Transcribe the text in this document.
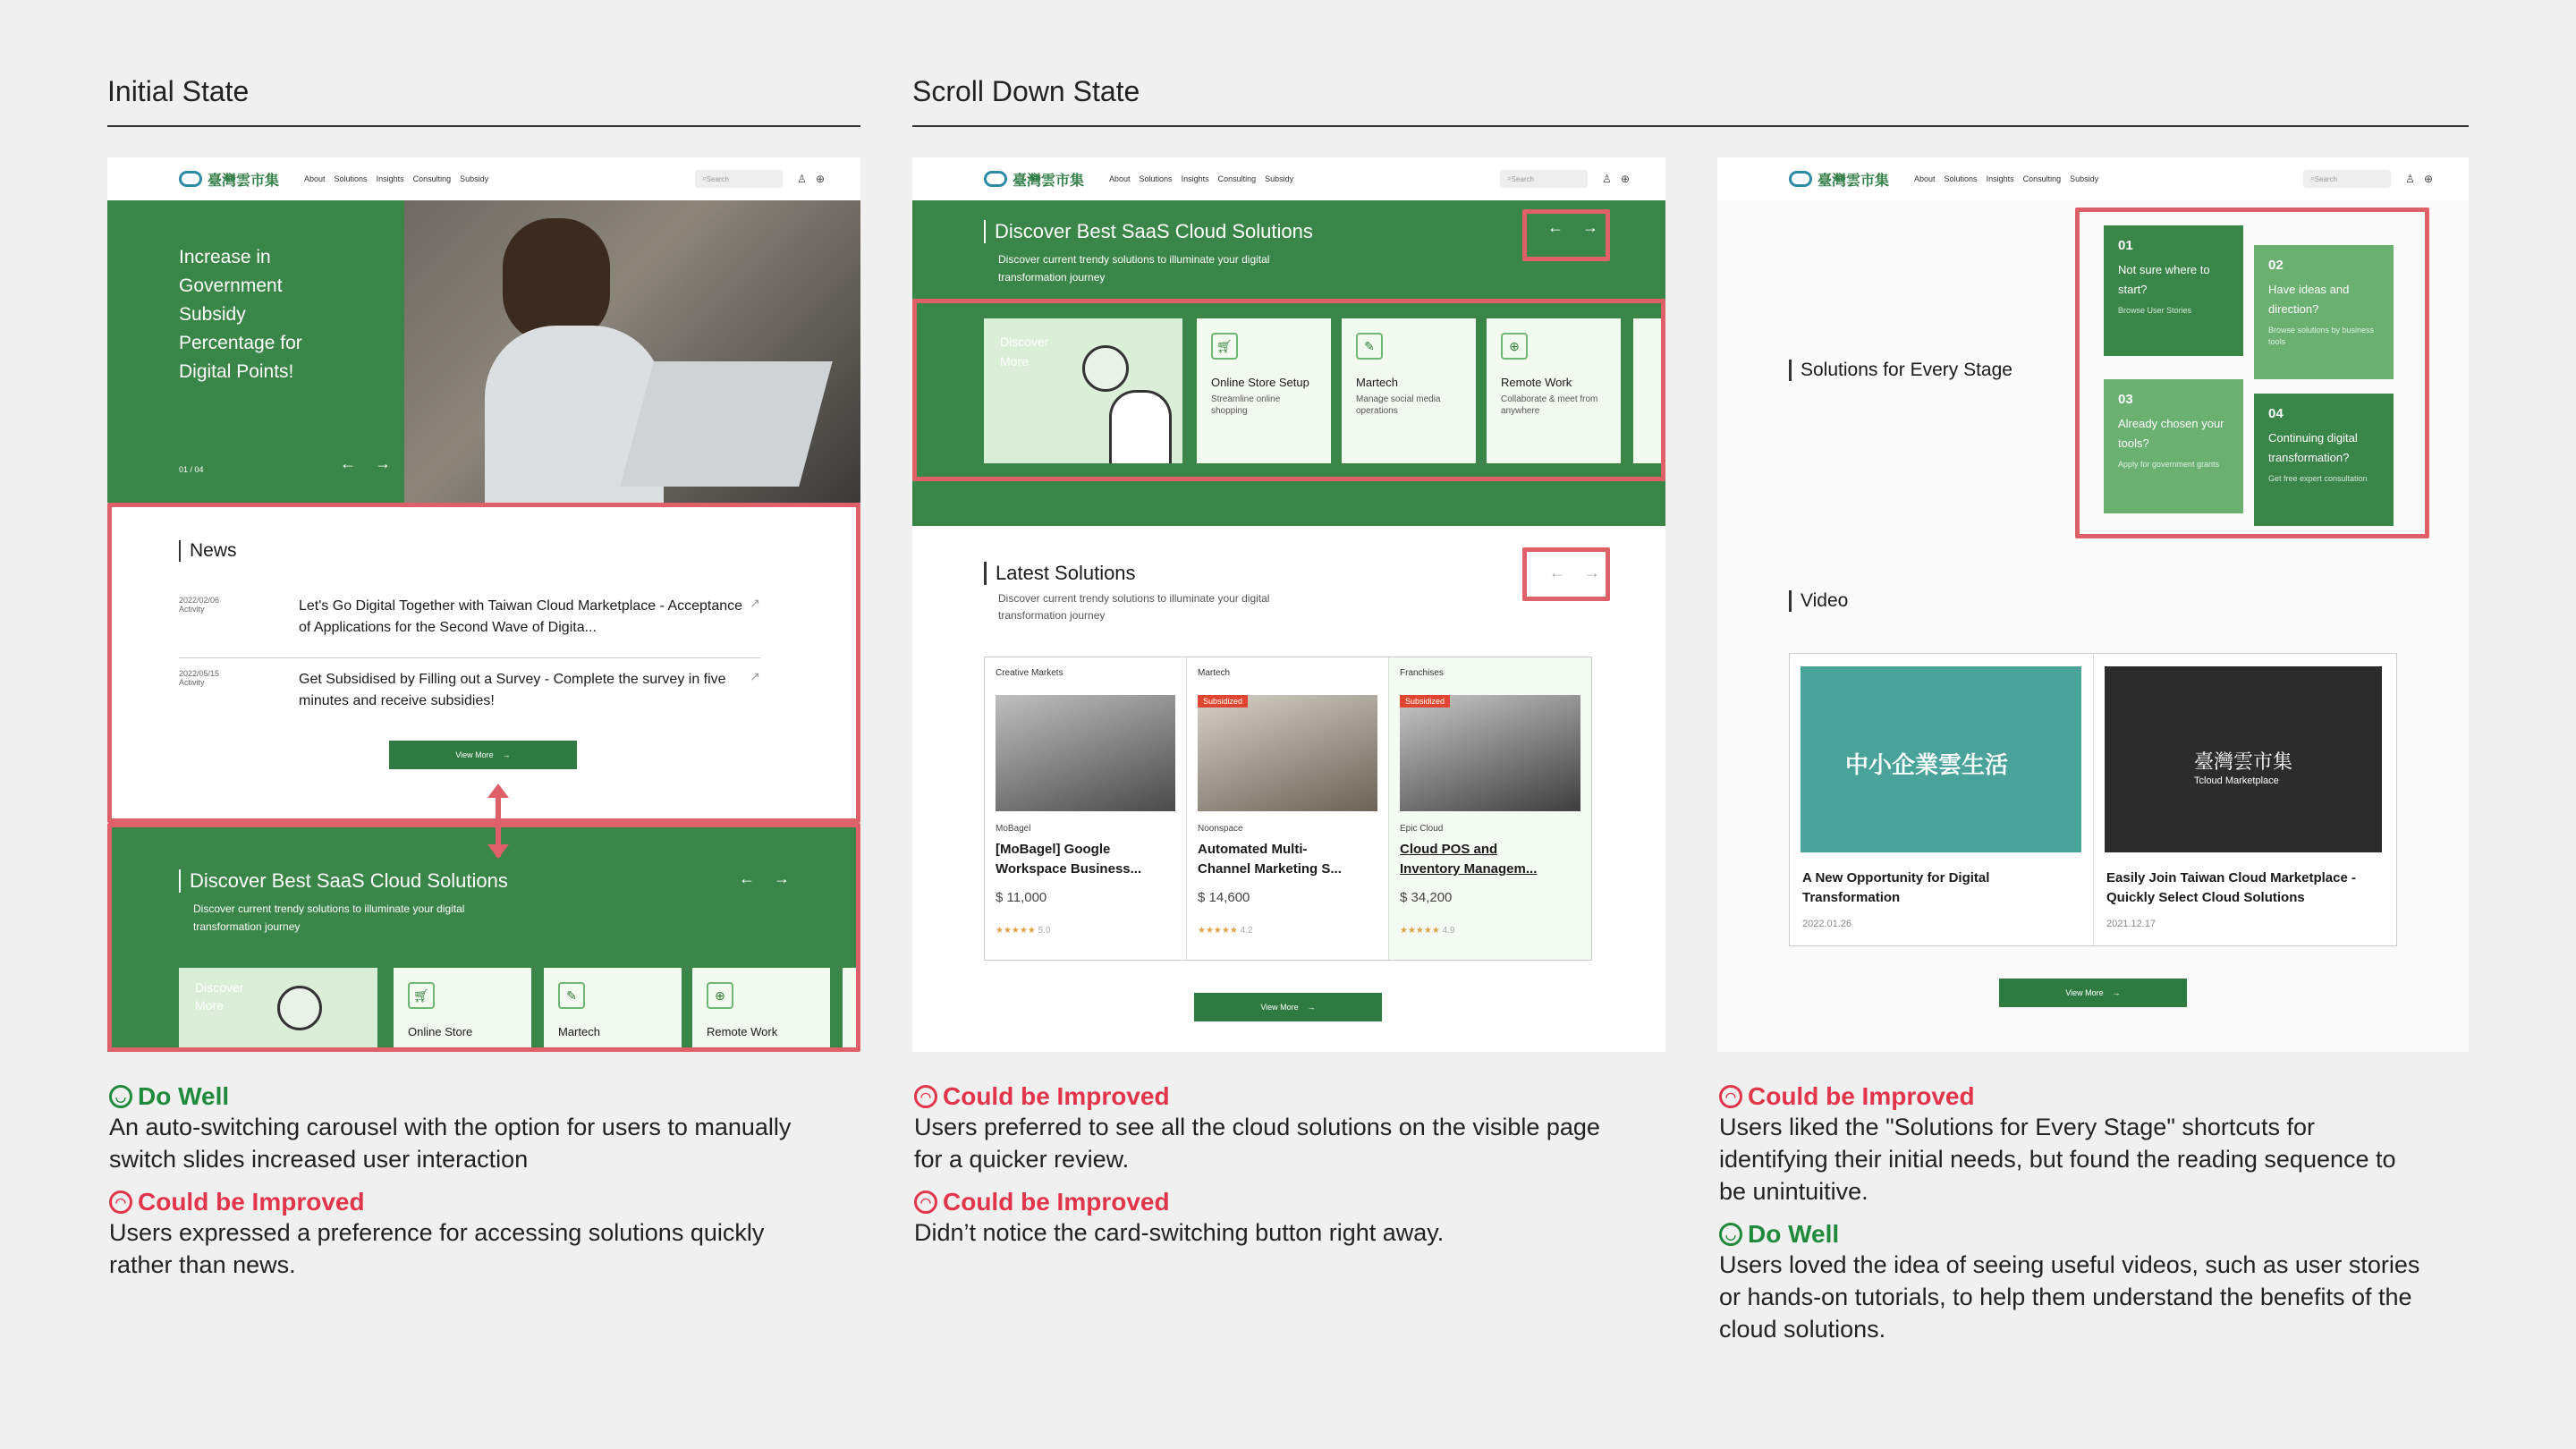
Initial State	Scroll Down State
臺灣雲市集	About Solutions Insights Consulting Subsidy	⌕ Search	♙ ⊕
Increase in
Government
Subsidy
Percentage for
Digital Points!
01 / 04	← →
News
2022/02/06
Activity	Let's Go Digital Together with Taiwan Cloud Marketplace - Acceptance of Applications for the Second Wave of Digita...
↗
2022/05/15
Activity	Get Subsidised by Filling out a Survey - Complete the survey in five minutes and receive subsidies!
↗
View More →
Discover Best SaaS Cloud Solutions
Discover current trendy solutions to illuminate your digital
transformation journey
← →
Discover
More
🛒︎
Online Store
✎
Martech
⊕
Remote Work
臺灣雲市集	About Solutions Insights Consulting Subsidy	⌕ Search	♙ ⊕
Discover Best SaaS Cloud Solutions
Discover current trendy solutions to illuminate your digital
transformation journey
← →
Discover
More
🛒︎
Online Store Setup
Streamline online shopping
✎
Martech
Manage social media operations
⊕
Remote Work
Collaborate & meet from anywhere
Latest Solutions
Discover current trendy solutions to illuminate your digital
transformation journey
← →
Creative Markets
MoBagel
[MoBagel] Google
Workspace Business...
$ 11,000
★★★★★ 5.0
Martech
Subsidized
Noonspace
Automated Multi-
Channel Marketing S...
$ 14,600
★★★★★ 4.2
Franchises
Subsidized
Epic Cloud
Cloud POS and
Inventory Managem...
$ 34,200
★★★★★ 4.9
View More →
臺灣雲市集	About Solutions Insights Consulting Subsidy	⌕ Search	♙ ⊕
Solutions for Every Stage
01
Not sure where to start?
Browse User Stories
02
Have ideas and direction?
Browse solutions by business tools
03
Already chosen your tools?
Apply for government grants
04
Continuing digital transformation?
Get free expert consultation
Video
中小企業雲生活
A New Opportunity for Digital Transformation
2022.01.26
臺灣雲市集
Tcloud Marketplace
Easily Join Taiwan Cloud Marketplace - Quickly Select Cloud Solutions
2021.12.17
View More →
◡ Do Well
An auto-switching carousel with the option for users to manually switch slides increased user interaction
◠ Could be Improved
Users expressed a preference for accessing solutions quickly rather than news.
◠ Could be Improved
Users preferred to see all the cloud solutions on the visible page for a quicker review.
◠ Could be Improved
Didn’t notice the card-switching button right away.
◠ Could be Improved
Users liked the "Solutions for Every Stage" shortcuts for identifying their initial needs, but found the reading sequence to be unintuitive.
◡ Do Well
Users loved the idea of seeing useful videos, such as user stories or hands-on tutorials, to help them understand the benefits of the cloud solutions.
